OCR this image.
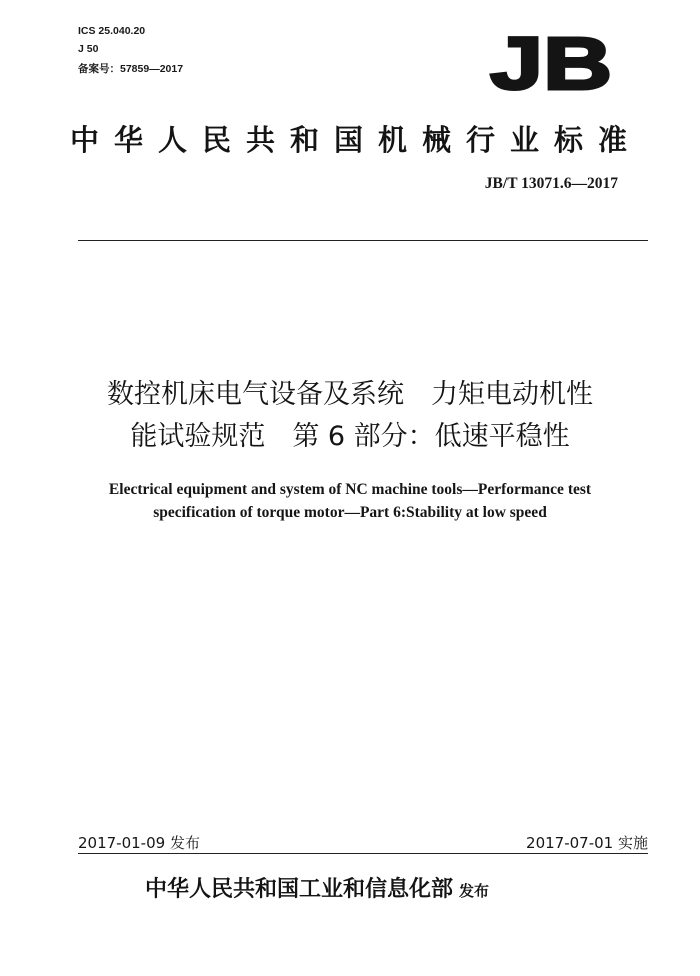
ICS 25.040.20
J 50
备案号：57859—2017	JB
中华人民共和国机械行业标准
JB/T 13071.6—2017
数控机床电气设备及系统　力矩电动机性
能试验规范　第 6 部分：低速平稳性
Electrical equipment and system of NC machine tools—Performance test
specification of torque motor—Part 6:Stability at low speed
2017-01-09 发布	2017-07-01 实施
中华人民共和国工业和信息化部 发布
